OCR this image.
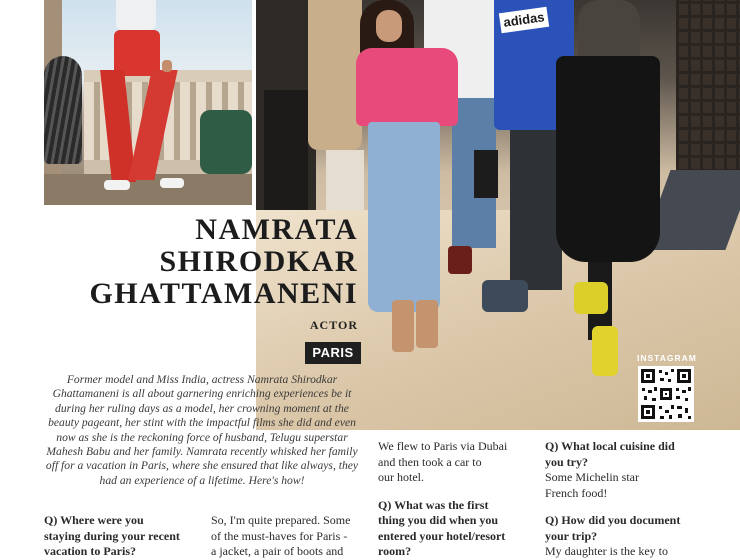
adidas
INSTAGRAM
NAMRATA
SHIRODKAR
GHATTAMANENI
ACTOR
PARIS
Former model and Miss India, actress Namrata Shirodkar Ghattamaneni is all about garnering enriching experiences be it during her ruling days as a model, her crowning moment at the beauty pageant, her stint with the impactful films she did and even now as she is the reckoning force of husband, Telugu superstar Mahesh Babu and her family. Namrata recently whisked her family off for a vacation in Paris, where she ensured that like always, they had an experience of a lifetime. Here's how!

Q) Where were you

staying during your recent

vacation to Paris?

So, I'm quite prepared. Some

of the must-haves for Paris -

a jacket, a pair of boots and

We flew to Paris via Dubai

and then took a car to

our hotel.

Q) What was the first

thing you did when you

entered your hotel/resort

room?

Q) What local cuisine did

you try?

Some Michelin star

French food!

Q) How did you document

your trip?

My daughter is the key to
